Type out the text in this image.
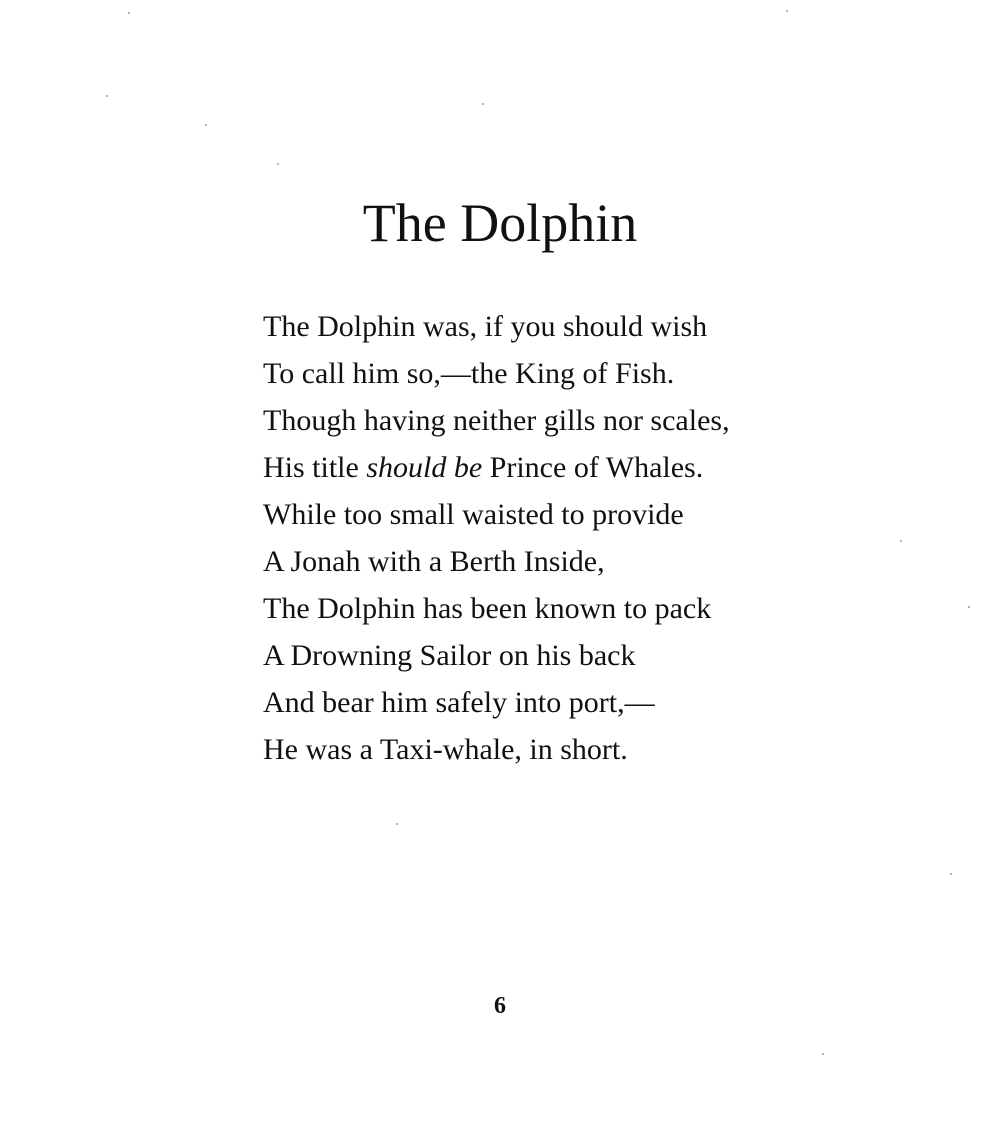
The Dolphin
The Dolphin was, if you should wish
To call him so,—the King of Fish.
Though having neither gills nor scales,
His title should be Prince of Whales.
While too small waisted to provide
A Jonah with a Berth Inside,
The Dolphin has been known to pack
A Drowning Sailor on his back
And bear him safely into port,—
He was a Taxi-whale, in short.
6
